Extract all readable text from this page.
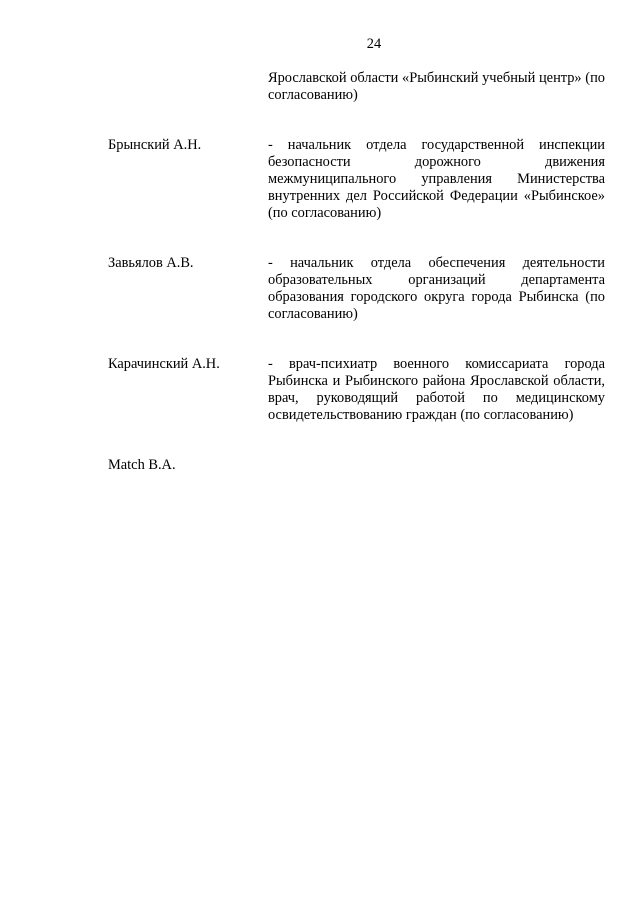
24
Ярославской области «Рыбинский учебный центр» (по согласованию)
Брынский А.Н.	- начальник отдела государственной инспекции безопасности дорожного движения межмуниципального управления Министерства внутренних дел Российской Федерации «Рыбинское» (по согласованию)
Завьялов А.В.	- начальник отдела обеспечения деятельности образовательных организаций департамента образования городского округа города Рыбинска (по согласованию)
Карачинский А.Н.	- врач-психиатр военного комиссариата города Рыбинска и Рыбинского района Ярославской области, врач, руководящий работой по медицинскому освидетельствованию граждан (по согласованию)
Match В.А.
